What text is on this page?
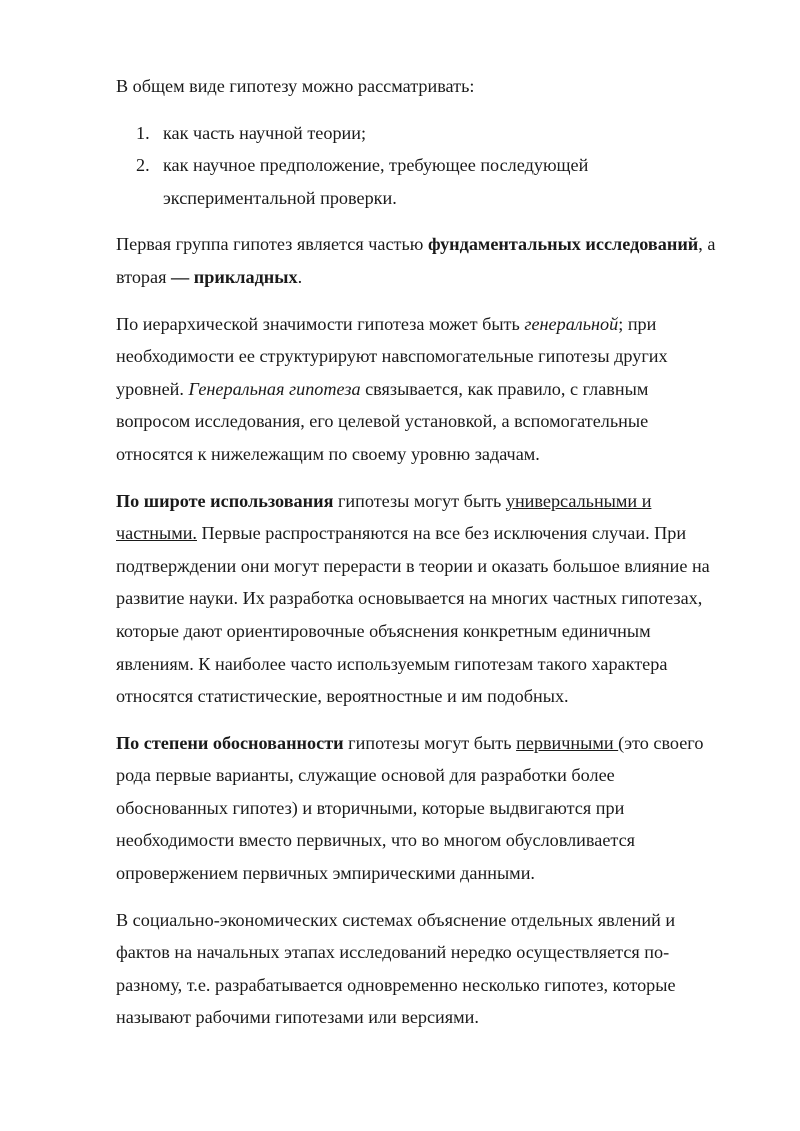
В общем виде гипотезу можно рассматривать:

1. как часть научной теории;
2. как научное предположение, требующее последующей экспериментальной проверки.

Первая группа гипотез является частью фундаментальных исследований, а вторая — прикладных.

По иерархической значимости гипотеза может быть генеральной; при необходимости ее структурируют навспомогательные гипотезы других уровней. Генеральная гипотеза связывается, как правило, с главным вопросом исследования, его целевой установкой, а вспомогательные относятся к нижележащим по своему уровню задачам.

По широте использования гипотезы могут быть универсальными и частными. Первые распространяются на все без исключения случаи. При подтверждении они могут перерасти в теории и оказать большое влияние на развитие науки. Их разработка основывается на многих частных гипотезах, которые дают ориентировочные объяснения конкретным единичным явлениям. К наиболее часто используемым гипотезам такого характера относятся статистические, вероятностные и им подобных.

По степени обоснованности гипотезы могут быть первичными (это своего рода первые варианты, служащие основой для разработки более обоснованных гипотез) и вторичными, которые выдвигаются при необходимости вместо первичных, что во многом обусловливается опровержением первичных эмпирическими данными.

В социально-экономических системах объяснение отдельных явлений и фактов на начальных этапах исследований нередко осуществляется по-разному, т.е. разрабатывается одновременно несколько гипотез, которые называют рабочими гипотезами или версиями.
